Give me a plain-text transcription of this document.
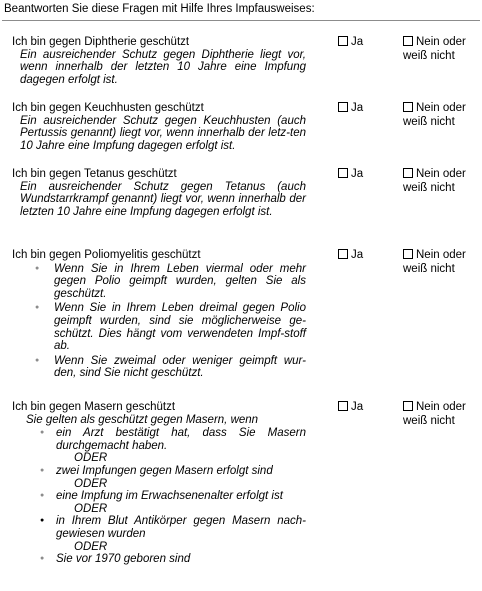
Beantworten Sie diese Fragen mit Hilfe Ihres Impfausweises:
Ich bin gegen Diphtherie geschützt
Ein ausreichender Schutz gegen Diphtherie liegt vor, wenn innerhalb der letzten 10 Jahre eine Impfung dagegen erfolgt ist.
Ja	Nein oder weiß nicht
Ich bin gegen Keuchhusten geschützt
Ein ausreichender Schutz gegen Keuchhusten (auch Pertussis genannt) liegt vor, wenn innerhalb der letz-ten 10 Jahre eine Impfung dagegen erfolgt ist.
Ja	Nein oder weiß nicht
Ich bin gegen Tetanus geschützt
Ein ausreichender Schutz gegen Tetanus (auch Wundstarrkrampf genannt) liegt vor, wenn innerhalb der letzten 10 Jahre eine Impfung dagegen erfolgt ist.
Ja	Nein oder weiß nicht
Ich bin gegen Poliomyelitis geschützt
● Wenn Sie in Ihrem Leben viermal oder mehr gegen Polio geimpft wurden, gelten Sie als geschützt.
● Wenn Sie in Ihrem Leben dreimal gegen Polio geimpft wurden, sind sie möglicherweise ge-schützt. Dies hängt vom verwendeten Impf-stoff ab.
● Wenn Sie zweimal oder weniger geimpft wur-den, sind Sie nicht geschützt.
Ja	Nein oder weiß nicht
Ich bin gegen Masern geschützt
Sie gelten als geschützt gegen Masern, wenn
● ein Arzt bestätigt hat, dass Sie Masern durchgemacht haben.
ODER
● zwei Impfungen gegen Masern erfolgt sind
ODER
● eine Impfung im Erwachsenenalter erfolgt ist
ODER
● in Ihrem Blut Antikörper gegen Masern nach-gewiesen wurden
ODER
● Sie vor 1970 geboren sind
Ja	Nein oder weiß nicht
